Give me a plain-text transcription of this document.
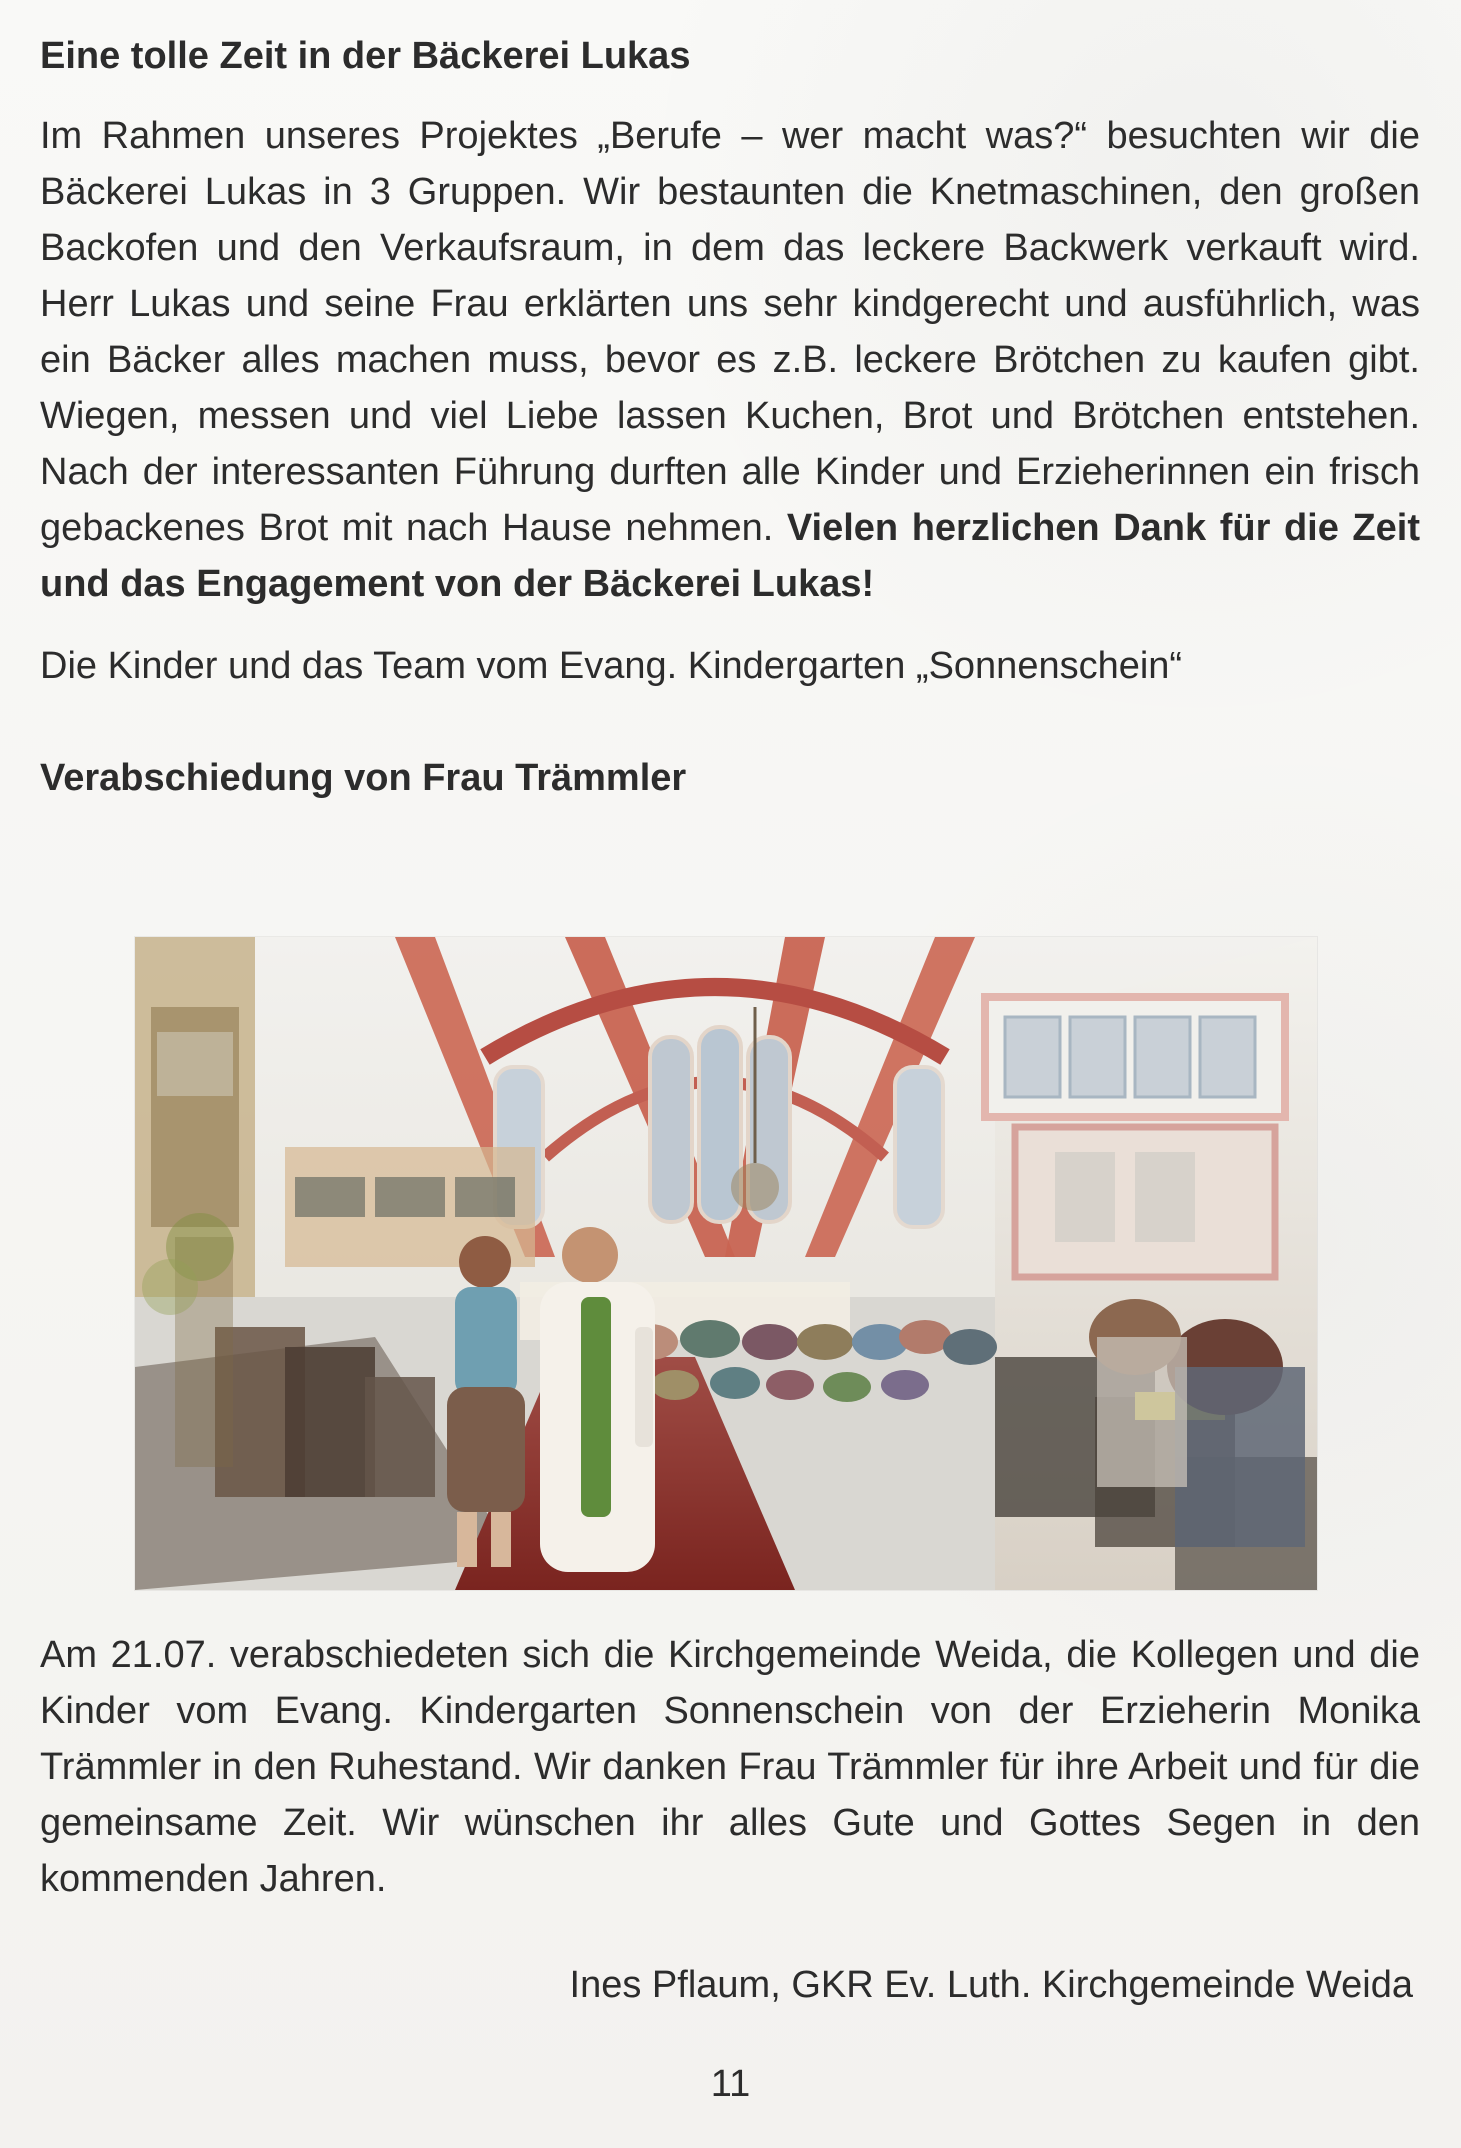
Eine tolle Zeit in der Bäckerei Lukas

Im Rahmen unseres Projektes „Berufe – wer macht was?“ besuchten wir die Bäckerei Lukas in 3 Gruppen. Wir bestaunten die Knetmaschinen, den großen Backofen und den Verkaufsraum, in dem das leckere Backwerk verkauft wird. Herr Lukas und seine Frau erklärten uns sehr kindgerecht und ausführlich, was ein Bäcker alles machen muss, bevor es z.B. leckere Brötchen zu kaufen gibt. Wiegen, messen und viel Liebe lassen Kuchen, Brot und Brötchen entstehen. Nach der interessanten Führung durften alle Kinder und Erzieherinnen ein frisch gebackenes Brot mit nach Hause nehmen. Vielen herzlichen Dank für die Zeit und das Engagement von der Bäckerei Lukas!

Die Kinder und das Team vom Evang. Kindergarten „Sonnenschein“

Verabschiedung von Frau Trämmler

Am 21.07. verabschiedeten sich die Kirchgemeinde Weida, die Kollegen und die Kinder vom Evang. Kindergarten Sonnenschein von der Erzieherin Monika Trämmler in den Ruhestand. Wir danken Frau Trämmler für ihre Arbeit und für die gemeinsame Zeit. Wir wünschen ihr alles Gute und Gottes Segen in den kommenden Jahren.

Ines Pflaum, GKR Ev. Luth. Kirchgemeinde Weida
11
